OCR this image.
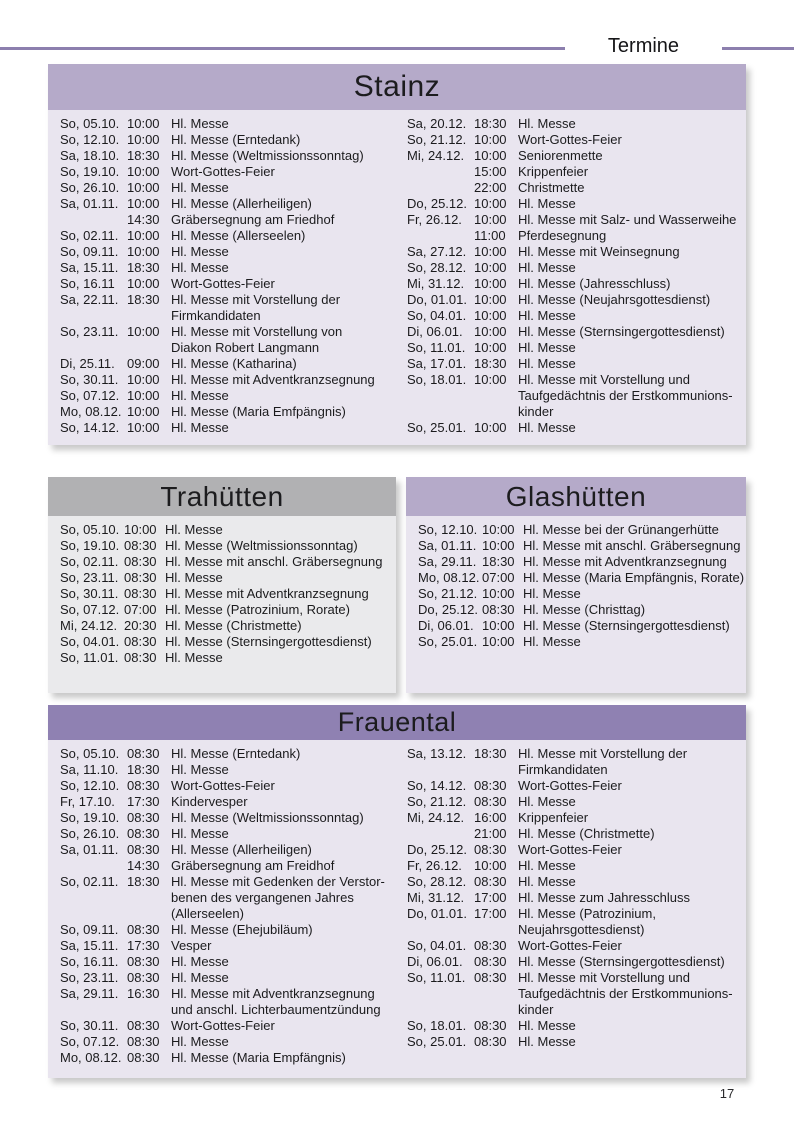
Termine
Stainz
So, 05.10. 10:00 Hl. Messe
So, 12.10. 10:00 Hl. Messe (Erntedank)
Sa, 18.10. 18:30 Hl. Messe (Weltmissionssonntag)
So, 19.10. 10:00 Wort-Gottes-Feier
So, 26.10. 10:00 Hl. Messe
Sa, 01.11. 10:00 Hl. Messe (Allerheiligen)
14:30 Gräbersegnung am Friedhof
So, 02.11. 10:00 Hl. Messe (Allerseelen)
So, 09.11. 10:00 Hl. Messe
Sa, 15.11. 18:30 Hl. Messe
So, 16.11 10:00 Wort-Gottes-Feier
Sa, 22.11. 18:30 Hl. Messe mit Vorstellung der
Firmkandidaten
So, 23.11. 10:00 Hl. Messe mit Vorstellung von
Diakon Robert Langmann
Di, 25.11. 09:00 Hl. Messe (Katharina)
So, 30.11. 10:00 Hl. Messe mit Adventkranzsegnung
So, 07.12. 10:00 Hl. Messe
Mo, 08.12. 10:00 Hl. Messe (Maria Emfpängnis)
So, 14.12. 10:00 Hl. Messe
Sa, 20.12. 18:30 Hl. Messe
So, 21.12. 10:00 Wort-Gottes-Feier
Mi, 24.12. 10:00 Seniorenmette
15:00 Krippenfeier
22:00 Christmette
Do, 25.12. 10:00 Hl. Messe
Fr, 26.12. 10:00 Hl. Messe mit Salz- und Wasserweihe
11:00 Pferdesegnung
Sa, 27.12. 10:00 Hl. Messe mit Weinsegnung
So, 28.12. 10:00 Hl. Messe
Mi, 31.12. 10:00 Hl. Messe (Jahresschluss)
Do, 01.01. 10:00 Hl. Messe (Neujahrsgottesdienst)
So, 04.01. 10:00 Hl. Messe
Di, 06.01. 10:00 Hl. Messe (Sternsingergottesdienst)
So, 11.01. 10:00 Hl. Messe
Sa, 17.01. 18:30 Hl. Messe
So, 18.01. 10:00 Hl. Messe mit Vorstellung und
Taufgedächtnis der Erstkommunions-
kinder
So, 25.01. 10:00 Hl. Messe
Trahütten
So, 05.10. 10:00 Hl. Messe
So, 19.10. 08:30 Hl. Messe (Weltmissionssonntag)
So, 02.11. 08:30 Hl. Messe mit anschl. Gräbersegnung
So, 23.11. 08:30 Hl. Messe
So, 30.11. 08:30 Hl. Messe mit Adventkranzsegnung
So, 07.12. 07:00 Hl. Messe (Patrozinium, Rorate)
Mi, 24.12. 20:30 Hl. Messe (Christmette)
So, 04.01. 08:30 Hl. Messe (Sternsingergottesdienst)
So, 11.01. 08:30 Hl. Messe
Glashütten
So, 12.10. 10:00 Hl. Messe bei der Grünangerhütte
Sa, 01.11. 10:00 Hl. Messe mit anschl. Gräbersegnung
Sa, 29.11. 18:30 Hl. Messe mit Adventkranzsegnung
Mo, 08.12. 07:00 Hl. Messe (Maria Empfängnis, Rorate)
So, 21.12. 10:00 Hl. Messe
Do, 25.12. 08:30 Hl. Messe (Christtag)
Di, 06.01. 10:00 Hl. Messe (Sternsingergottesdienst)
So, 25.01. 10:00 Hl. Messe
Frauental
So, 05.10. 08:30 Hl. Messe (Erntedank)
Sa, 11.10. 18:30 Hl. Messe
So, 12.10. 08:30 Wort-Gottes-Feier
Fr, 17.10. 17:30 Kindervesper
So, 19.10. 08:30 Hl. Messe (Weltmissionssonntag)
So, 26.10. 08:30 Hl. Messe
Sa, 01.11. 08:30 Hl. Messe (Allerheiligen)
14:30 Gräbersegnung am Freidhof
So, 02.11. 18:30 Hl. Messe mit Gedenken der Verstor-
benen des vergangenen Jahres
(Allerseelen)
So, 09.11. 08:30 Hl. Messe (Ehejubiläum)
Sa, 15.11. 17:30 Vesper
So, 16.11. 08:30 Hl. Messe
So, 23.11. 08:30 Hl. Messe
Sa, 29.11. 16:30 Hl. Messe mit Adventkranzsegnung
und anschl. Lichterbaumentzündung
So, 30.11. 08:30 Wort-Gottes-Feier
So, 07.12. 08:30 Hl. Messe
Mo, 08.12. 08:30 Hl. Messe (Maria Empfängnis)
Sa, 13.12. 18:30 Hl. Messe mit Vorstellung der
Firmkandidaten
So, 14.12. 08:30 Wort-Gottes-Feier
So, 21.12. 08:30 Hl. Messe
Mi, 24.12. 16:00 Krippenfeier
21:00 Hl. Messe (Christmette)
Do, 25.12. 08:30 Wort-Gottes-Feier
Fr, 26.12. 10:00 Hl. Messe
So, 28.12. 08:30 Hl. Messe
Mi, 31.12. 17:00 Hl. Messe zum Jahresschluss
Do, 01.01. 17:00 Hl. Messe (Patrozinium,
Neujahrsgottesdienst)
So, 04.01. 08:30 Wort-Gottes-Feier
Di, 06.01. 08:30 Hl. Messe (Sternsingergottesdienst)
So, 11.01. 08:30 Hl. Messe mit Vorstellung und
Taufgedächtnis der Erstkommunions-
kinder
So, 18.01. 08:30 Hl. Messe
So, 25.01. 08:30 Hl. Messe
17
